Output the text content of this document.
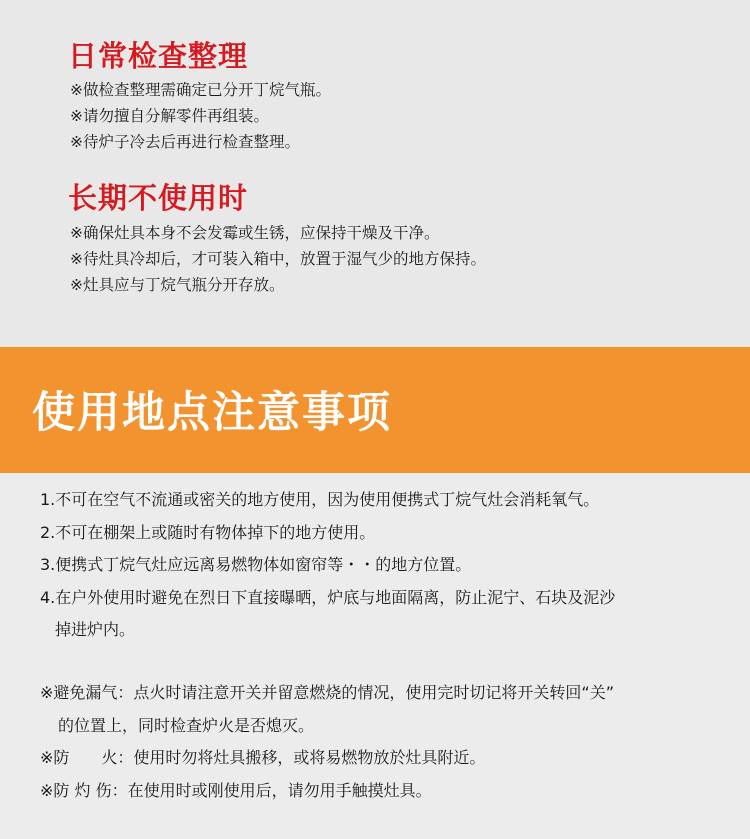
日常检查整理
※做检查整理需确定已分开丁烷气瓶。
※请勿擅自分解零件再组装。
※待炉子冷去后再进行检查整理。
长期不使用时
※确保灶具本身不会发霉或生锈，应保持干燥及干净。
※待灶具冷却后，才可装入箱中，放置于湿气少的地方保持。
※灶具应与丁烷气瓶分开存放。
使用地点注意事项
1.不可在空气不流通或密关的地方使用，因为使用便携式丁烷气灶会消耗氧气。
2.不可在棚架上或随时有物体掉下的地方使用。
3.便携式丁烷气灶应远离易燃物体如窗帘等・・的地方位置。
4.在户外使用时避免在烈日下直接曝晒，炉底与地面隔离，防止泥宁、石块及泥沙
掉进炉内。
※避免漏气：点火时请注意开关并留意燃烧的情况，使用完时切记将开关转回“关”
的位置上，同时检查炉火是否熄灭。
※防　　火：使用时勿将灶具搬移，或将易燃物放於灶具附近。
※防 灼 伤：在使用时或刚使用后，请勿用手触摸灶具。
